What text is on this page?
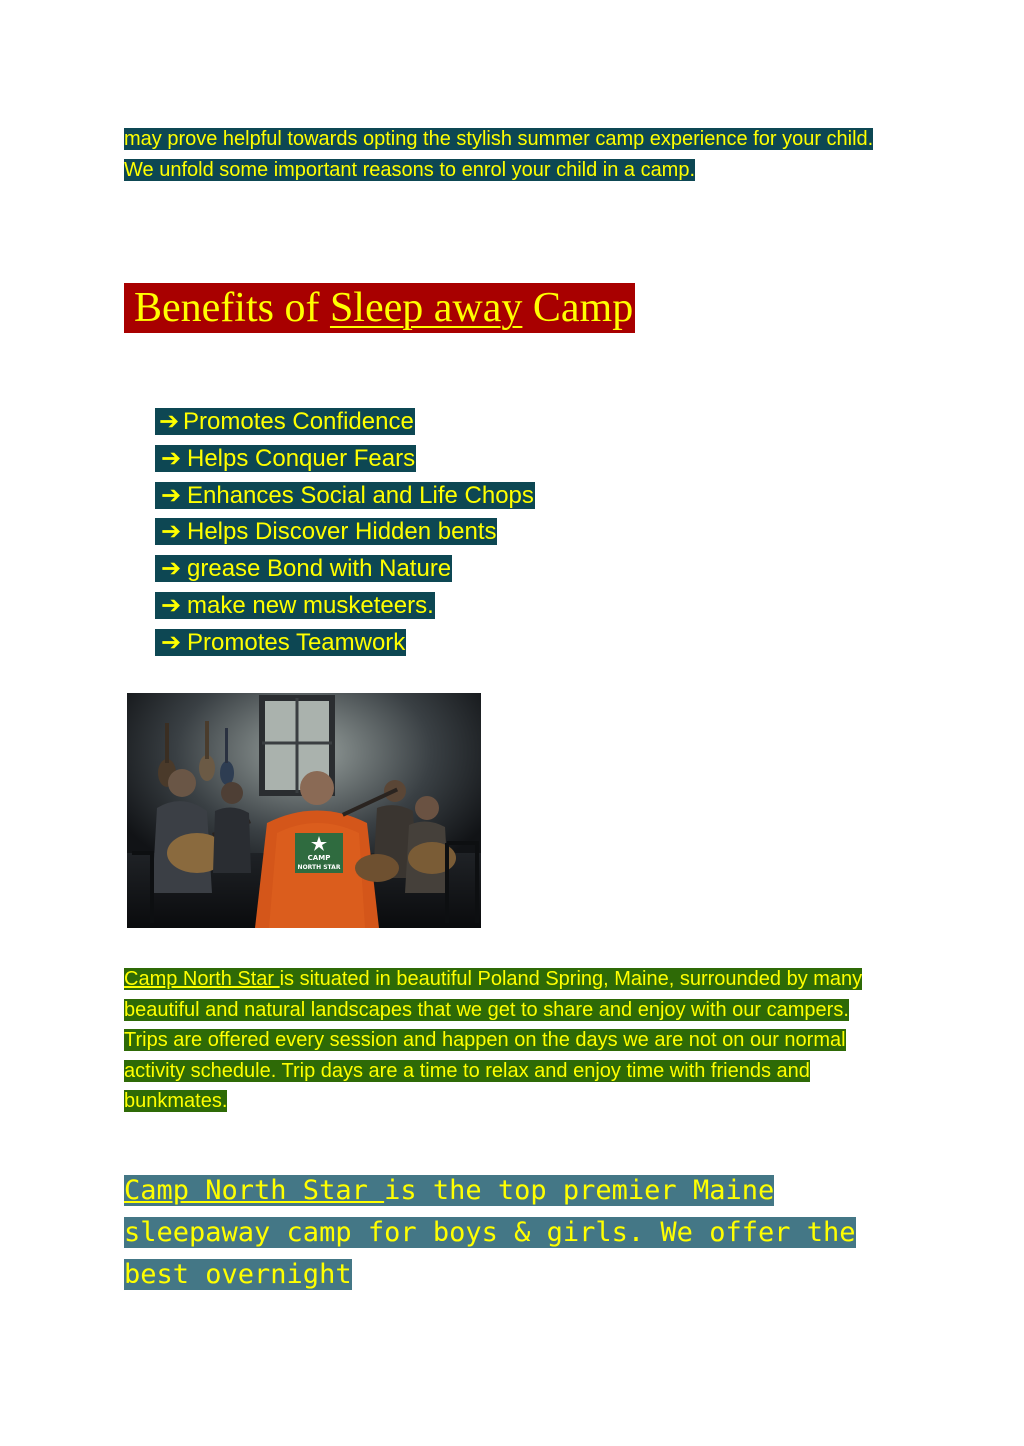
may prove helpful towards opting the stylish summer camp experience for your child. We unfold some important reasons to enrol your child in a camp.
Benefits of Sleep away Camp
➔ Promotes Confidence
➔ Helps Conquer Fears
➔ Enhances Social and Life Chops
➔ Helps Discover Hidden bents
➔ grease Bond with Nature
➔ make new musketeers.
➔ Promotes Teamwork
CAMP
NORTH STAR
Camp North Star is situated in beautiful Poland Spring, Maine, surrounded by many beautiful and natural landscapes that we get to share and enjoy with our campers. Trips are offered every session and happen on the days we are not on our normal activity schedule. Trip days are a time to relax and enjoy time with friends and bunkmates.
Camp North Star is the top premier Maine sleepaway camp for boys & girls. We offer the best overnight
